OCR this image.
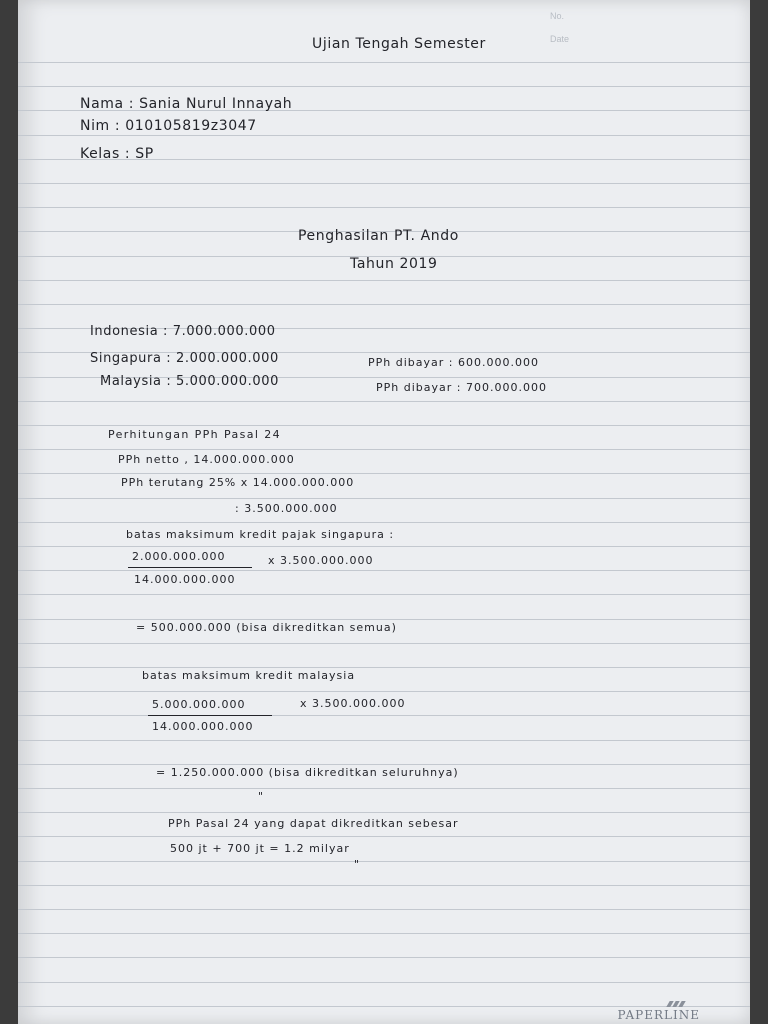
No.
Date
Ujian Tengah Semester
Nama : Sania Nurul Innayah
Nim : 010105819z3047
Kelas : SP
Penghasilan PT. Ando
Tahun 2019
Indonesia : 7.000.000.000
Singapura : 2.000.000.000
Malaysia : 5.000.000.000
PPh dibayar : 600.000.000
PPh dibayar : 700.000.000
Perhitungan PPh Pasal 24
PPh netto , 14.000.000.000
PPh terutang 25% x 14.000.000.000
: 3.500.000.000
batas maksimum kredit pajak singapura :
2.000.000.000
14.000.000.000
x 3.500.000.000
= 500.000.000 (bisa dikreditkan semua)
batas maksimum kredit malaysia
5.000.000.000
14.000.000.000
x 3.500.000.000
= 1.250.000.000 (bisa dikreditkan seluruhnya)
"
PPh Pasal 24 yang dapat dikreditkan sebesar
500 jt + 700 jt = 1.2 milyar
"
PAPERLINE
